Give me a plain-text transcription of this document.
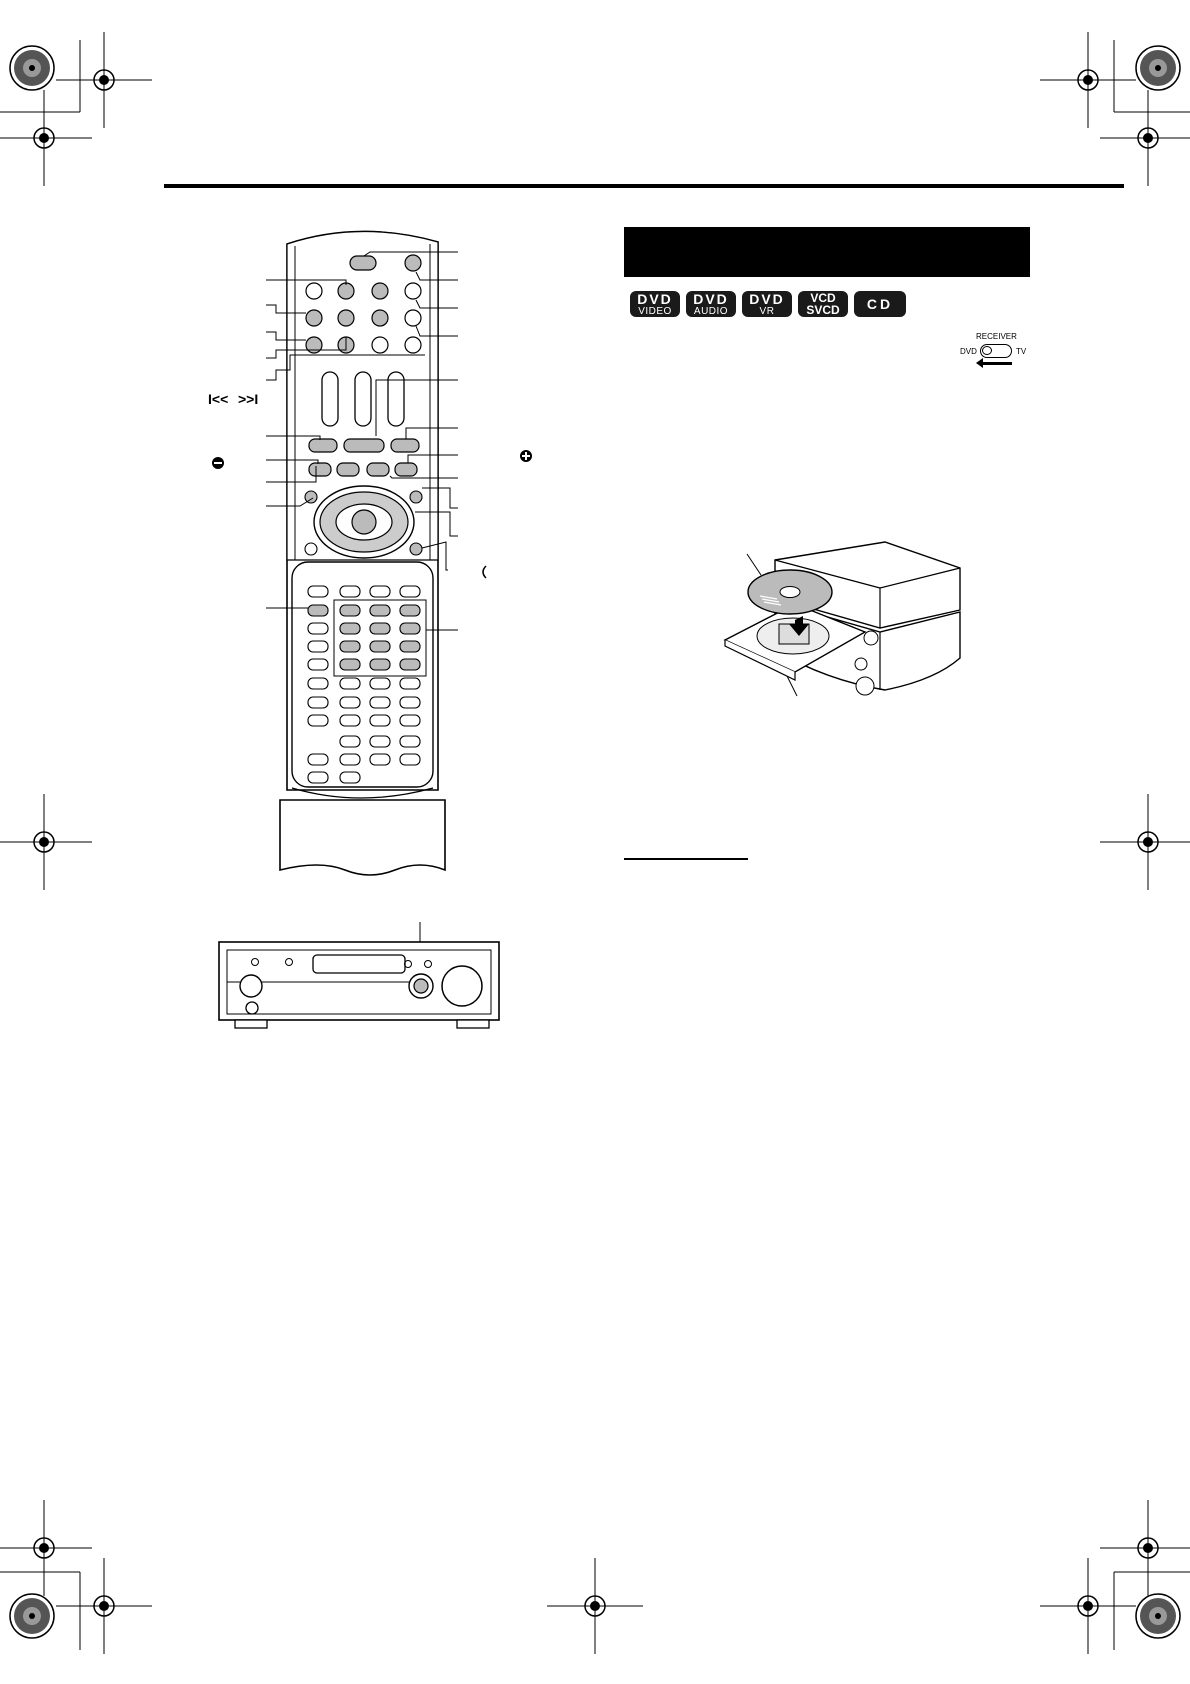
I<< >>I
DVD
VIDEO
DVD
AUDIO
DVD
VR
VCD
SVCD CD
RECEIVER
DVD	TV
